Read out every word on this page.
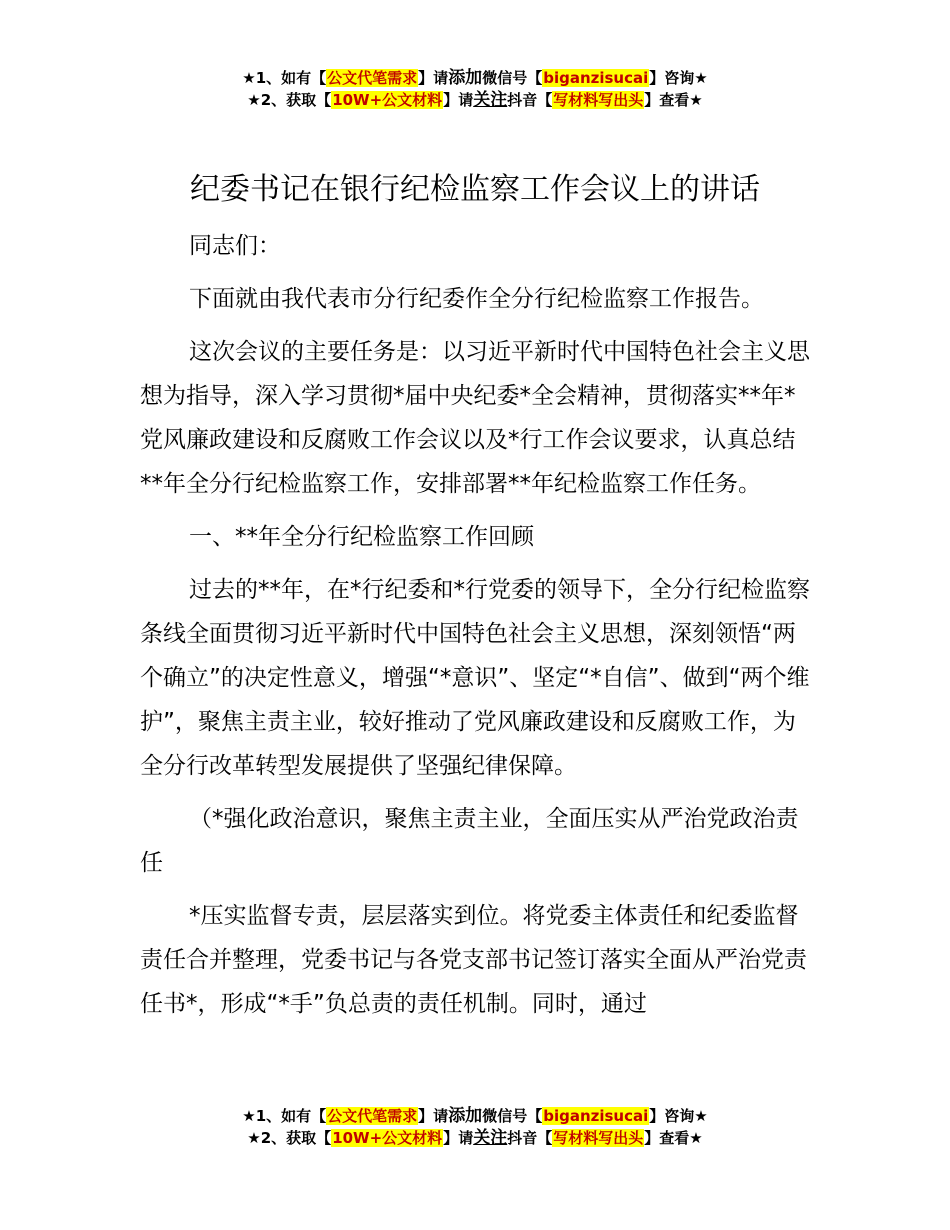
★1、如有【公文代笔需求】请添加微信号【biganzisucai】咨询★
★2、获取【10W+公文材料】请关注抖音【写材料写出头】查看★
纪委书记在银行纪检监察工作会议上的讲话

同志们：

下面就由我代表市分行纪委作全分行纪检监察工作报告。

这次会议的主要任务是：以习近平新时代中国特色社会主义思想为指导，深入学习贯彻*届中央纪委*全会精神，贯彻落实**年*党风廉政建设和反腐败工作会议以及*行工作会议要求，认真总结**年全分行纪检监察工作，安排部署**年纪检监察工作任务。

一、**年全分行纪检监察工作回顾

过去的**年，在*行纪委和*行党委的领导下，全分行纪检监察条线全面贯彻习近平新时代中国特色社会主义思想，深刻领悟“两个确立”的决定性意义，增强“*意识”、坚定“*自信”、做到“两个维护”，聚焦主责主业，较好推动了党风廉政建设和反腐败工作，为全分行改革转型发展提供了坚强纪律保障。

（*强化政治意识，聚焦主责主业，全面压实从严治党政治责任

*压实监督专责，层层落实到位。将党委主体责任和纪委监督责任合并整理，党委书记与各党支部书记签订落实全面从严治党责任书*，形成“*手”负总责的责任机制。同时，通过

★1、如有【公文代笔需求】请添加微信号【biganzisucai】咨询★
★2、获取【10W+公文材料】请关注抖音【写材料写出头】查看★
